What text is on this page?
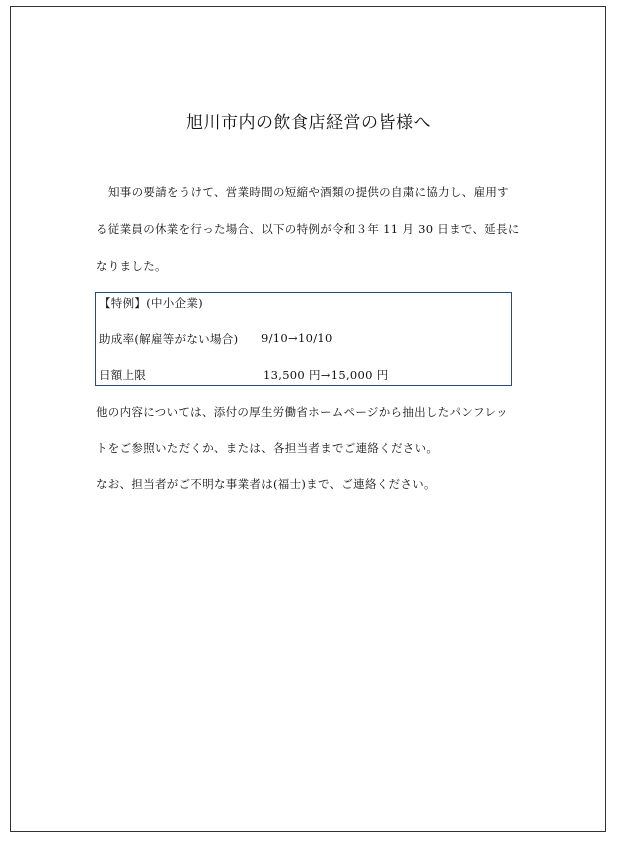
旭川市内の飲食店経営の皆様へ
知事の要請をうけて、営業時間の短縮や酒類の提供の自粛に協力し、雇用す
る従業員の休業を行った場合、以下の特例が令和３年 11 月 30 日まで、延長に
なりました。
【特例】(中小企業)
助成率(解雇等がない場合) 9/10→10/10
日額上限	13,500 円→15,000 円
他の内容については、添付の厚生労働省ホームページから抽出したパンフレッ
トをご参照いただくか、または、各担当者までご連絡ください。
なお、担当者がご不明な事業者は(福士)まで、ご連絡ください。
